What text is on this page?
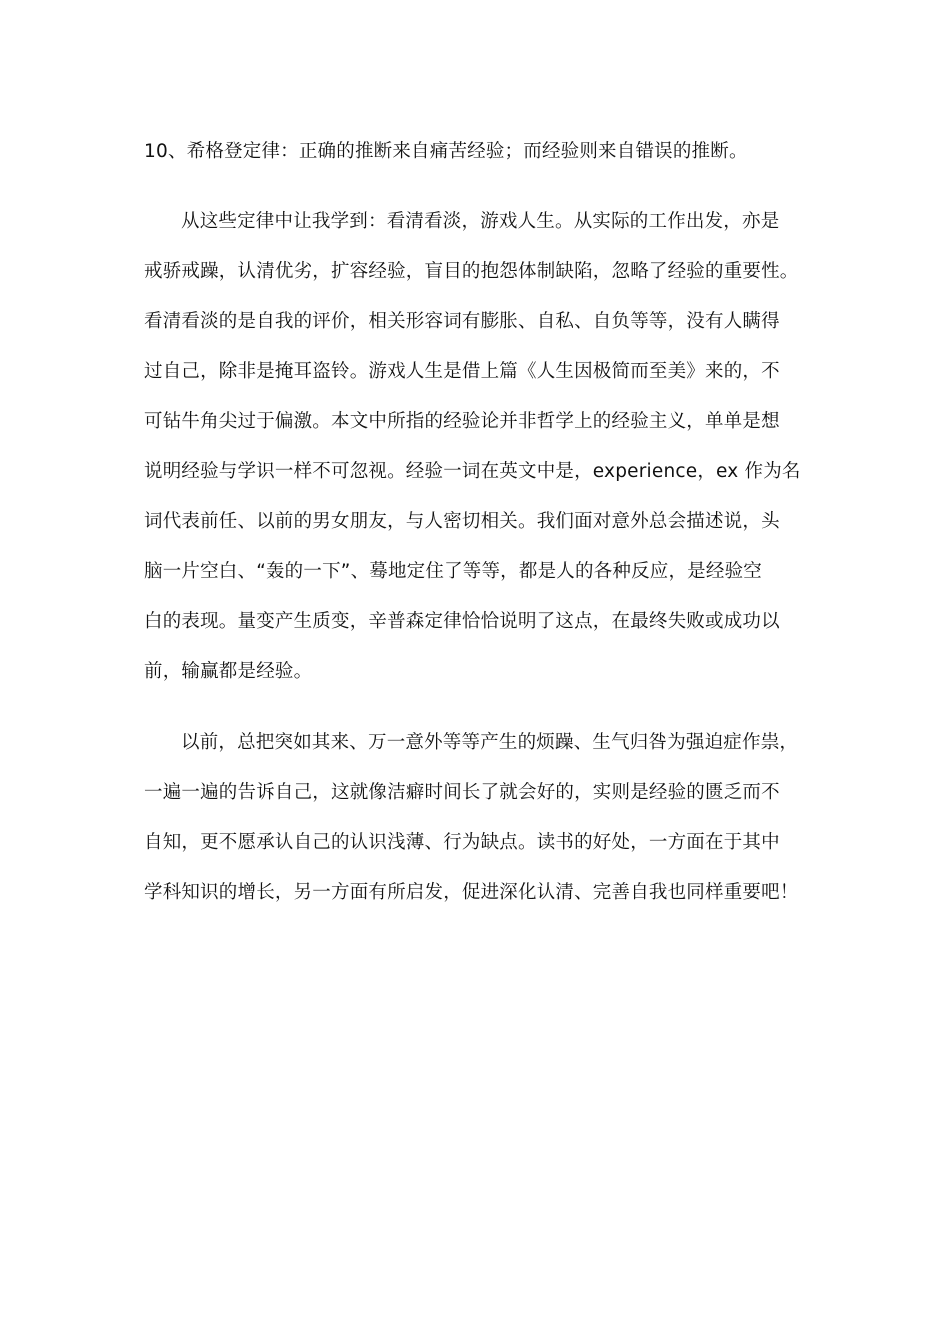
10、希格登定律：正确的推断来自痛苦经验；而经验则来自错误的推断。
从这些定律中让我学到：看清看淡，游戏人生。从实际的工作出发，亦是
戒骄戒躁，认清优劣，扩容经验，盲目的抱怨体制缺陷，忽略了经验的重要性。
看清看淡的是自我的评价，相关形容词有膨胀、自私、自负等等，没有人瞒得
过自己，除非是掩耳盗铃。游戏人生是借上篇《人生因极简而至美》来的，不
可钻牛角尖过于偏激。本文中所指的经验论并非哲学上的经验主义，单单是想
说明经验与学识一样不可忽视。经验一词在英文中是，experience，ex 作为名
词代表前任、以前的男女朋友，与人密切相关。我们面对意外总会描述说，头
脑一片空白、“轰的一下”、蓦地定住了等等，都是人的各种反应，是经验空
白的表现。量变产生质变，辛普森定律恰恰说明了这点，在最终失败或成功以
前，输赢都是经验。
以前，总把突如其来、万一意外等等产生的烦躁、生气归咎为强迫症作祟，
一遍一遍的告诉自己，这就像洁癖时间长了就会好的，实则是经验的匮乏而不
自知，更不愿承认自己的认识浅薄、行为缺点。读书的好处，一方面在于其中
学科知识的增长，另一方面有所启发，促进深化认清、完善自我也同样重要吧！
